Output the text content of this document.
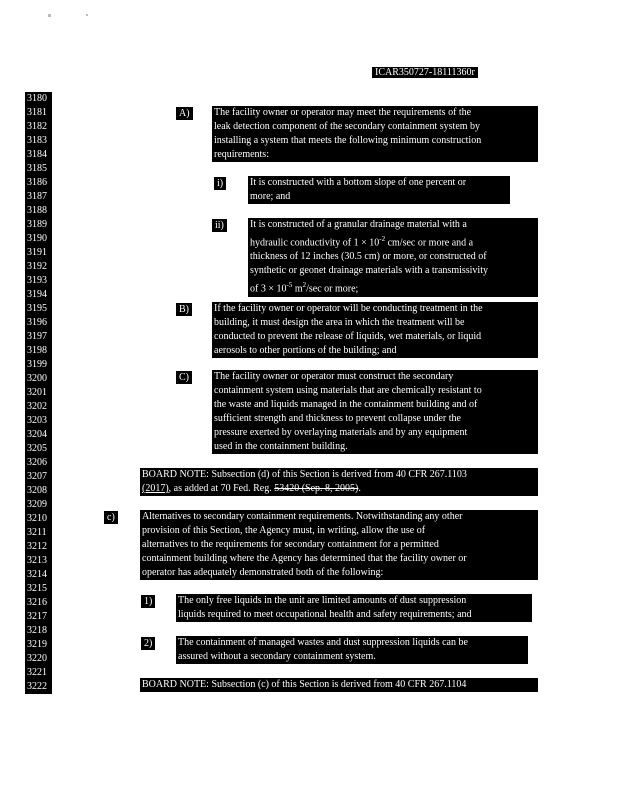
ICAR350727-18111360r
3180
3181
3182
3183
3184
3185
3186
3187
3188
3189
3190
3191
3192
3193
3194
3195
3196
3197
3198
3199
3200
3201
3202
3203
3204
3205
3206
3207
3208
3209
3210
3211
3212
3213
3214
3215
3216
3217
3218
3219
3220
3221
3222
A)	The facility owner or operator may meet the requirements of the
leak detection component of the secondary containment system by
installing a system that meets the following minimum construction
requirements:
i)	It is constructed with a bottom slope of one percent or
more; and
ii)	It is constructed of a granular drainage material with a
hydraulic conductivity of $1 \times 10^{-2}$ cm/sec or more and a
thickness of 12 inches (30.5 cm) or more, or constructed of
synthetic or geonet drainage materials with a transmissivity
of $3 \times 10^{-5}$ $m^2/\sec$ or more;
B)	If the facility owner or operator will be conducting treatment in the
building, it must design the area in which the treatment will be
conducted to prevent the release of liquids, wet materials, or liquid
aerosols to other portions of the building; and
C)	The facility owner or operator must construct the secondary
containment system using materials that are chemically resistant to
the waste and liquids managed in the containment building and of
sufficient strength and thickness to prevent collapse under the
pressure exerted by overlaying materials and by any equipment
used in the containment building.
BOARD NOTE: Subsection (d) of this Section is derived from 40 CFR 267.1103
(2017), as added at 70 Fed. Reg. 53420 (Sep. 8, 2005).
c)	Alternatives to secondary containment requirements. Notwithstanding any other
provision of this Section, the Agency must, in writing, allow the use of
alternatives to the requirements for secondary containment for a permitted
containment building where the Agency has determined that the facility owner or
operator has adequately demonstrated both of the following:
1)	The only free liquids in the unit are limited amounts of dust suppression
liquids required to meet occupational health and safety requirements; and
2)	The containment of managed wastes and dust suppression liquids can be
assured without a secondary containment system.
BOARD NOTE: Subsection (c) of this Section is derived from 40 CFR 267.1104
